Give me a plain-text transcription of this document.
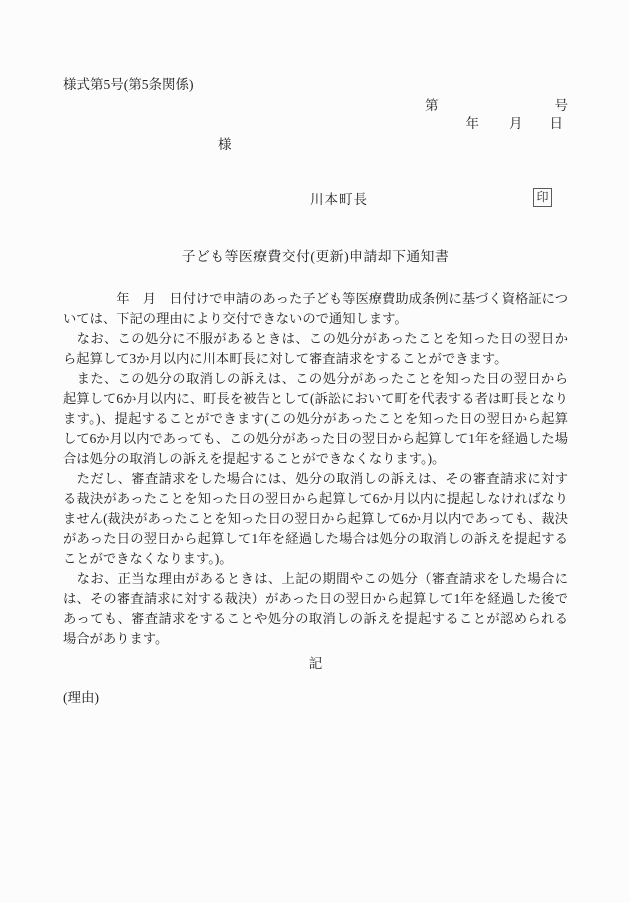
様式第5号(第5条関係)
第	号
年 月 日
様
川本町長	印
子ども等医療費交付(更新)申請却下通知書
　　　　年　月　日付けで申請のあった子ども等医療費助成条例に基づく資格証については、下記の理由により交付できないので通知します。
　なお、この処分に不服があるときは、この処分があったことを知った日の翌日から起算して3か月以内に川本町長に対して審査請求をすることができます。
　また、この処分の取消しの訴えは、この処分があったことを知った日の翌日から起算して6か月以内に、町長を被告として(訴訟において町を代表する者は町長となります。)、提起することができます(この処分があったことを知った日の翌日から起算して6か月以内であっても、この処分があった日の翌日から起算して1年を経過した場合は処分の取消しの訴えを提起することができなくなります。)。
　ただし、審査請求をした場合には、処分の取消しの訴えは、その審査請求に対する裁決があったことを知った日の翌日から起算して6か月以内に提起しなければなりません(裁決があったことを知った日の翌日から起算して6か月以内であっても、裁決があった日の翌日から起算して1年を経過した場合は処分の取消しの訴えを提起することができなくなります。)。
　なお、正当な理由があるときは、上記の期間やこの処分（審査請求をした場合には、その審査請求に対する裁決）があった日の翌日から起算して1年を経過した後であっても、審査請求をすることや処分の取消しの訴えを提起することが認められる場合があります。
記
(理由)
